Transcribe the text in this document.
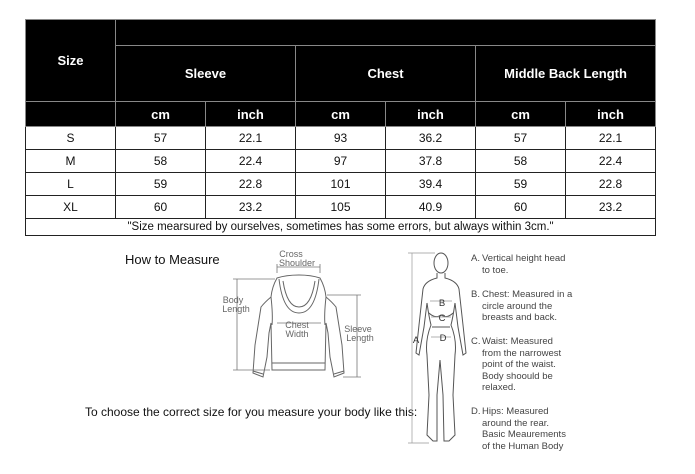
Size						
	Sleeve		Chest		Middle Back Length	
	cm	inch	cm	inch	cm	inch
S	57	22.1	93	36.2	57	22.1
M	58	22.4	97	37.8	58	22.4
L	59	22.8	101	39.4	59	22.8
XL	60	23.2	105	40.9	60	23.2
"Size mearsured by ourselves, sometimes has some errors, but always within 3cm."						
How to Measure
To choose the correct size for you measure your body like this:
Cross
Shoulder
Body
Length
Chest
Width	Sleeve
Length	A
B
C
D
A. Vertical height head
to toe.
B. Chest: Measured in a
circle around the
breasts and back.
C. Waist: Measured
from the narrowest
point of the waist.
Body shoould be
relaxed.
D. Hips: Measured
around the rear.
Basic Meaurements
of the Human Body
